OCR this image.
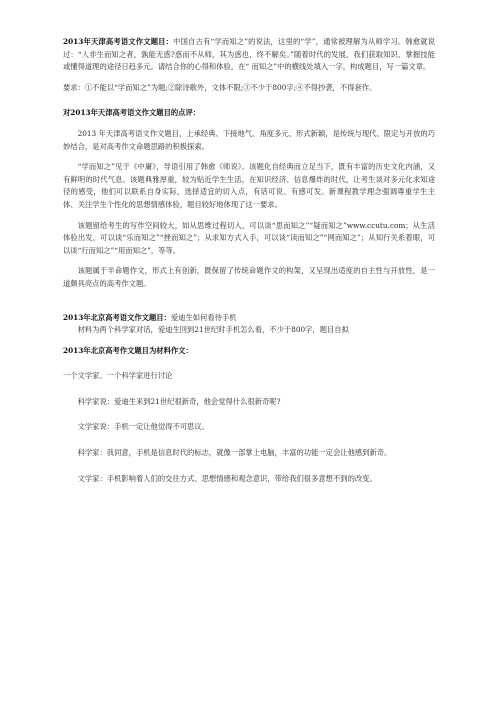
2013年天津高考语文作文题目：中国自古有“学而知之”的说法，这里的“学”，通常被理解为从师学习。韩愈就说过：“人非生而知之者，孰能无惑?惑而不从师，其为惑也，终不解矣。”随着时代的发展，我们获取知识、掌握技能或懂得道理的途径日趋多元。请结合你的心得和体验，在“ 而知之”中的横线处填入一字，构成题目，写一篇文章。

要求：①不能以“学而知之”为题;②除诗歌外，文体不限;③不少于800字;④不得抄袭，不得套作。

对2013年天津高考语文作文题目的点评：

2013 年天津高考语文作文题目，上承经典、下接地气、角度多元、形式新颖，是传统与现代、限定与开放的巧妙结合，是对高考作文命题思路的积极探索。

“学而知之”见于《中庸》，导语引用了韩愈《师说》。该题化自经典而立足当下，既有丰富的历史文化内涵，又有鲜明的时代气息。该题典雅厚重，较为贴近学生生活。在知识经济、信息爆炸的时代，让考生谈对多元化求知途径的感受，他们可以联系自身实际，选择适宜的切入点，有话可说、有感可发。新课程教学理念强调尊重学生主体、关注学生个性化的思想情感体验，题目较好地体现了这一要求。

该题留给考生的写作空间较大，如从思维过程切入，可以谈“思而知之”“疑而知之”www.ccutu.com；从生活体验出发，可以谈“乐而知之”“挫而知之”；从求知方式入手，可以谈“读而知之”“网而知之”；从知行关系着眼，可以谈“行而知之”“用而知之”，等等。

该题属于半命题作文，形式上有创新，既保留了传统命题作文的构架，又呈现出适度的自主性与开放性，是一道颇具亮点的高考作文题。

2013年北京高考语文作文题目：爱迪生如何看待手机

材料为两个科学家对话，爱迪生回到21世纪时手机怎么看，不少于800字，题目自拟

2013年北京高考作文题目为材料作文：

一个文学家、一个科学家进行讨论

科学家说：爱迪生来到21世纪很新奇，他会觉得什么很新奇呢?

文学家说：手机一定让他觉得不可思议。

科学家：我同意，手机是信息时代的标志，就像一部掌上电脑，丰富的功能一定会让他感到新奇。

文学家：手机影响着人们的交往方式、思想情感和观念意识，带给我们很多意想不到的改变。
